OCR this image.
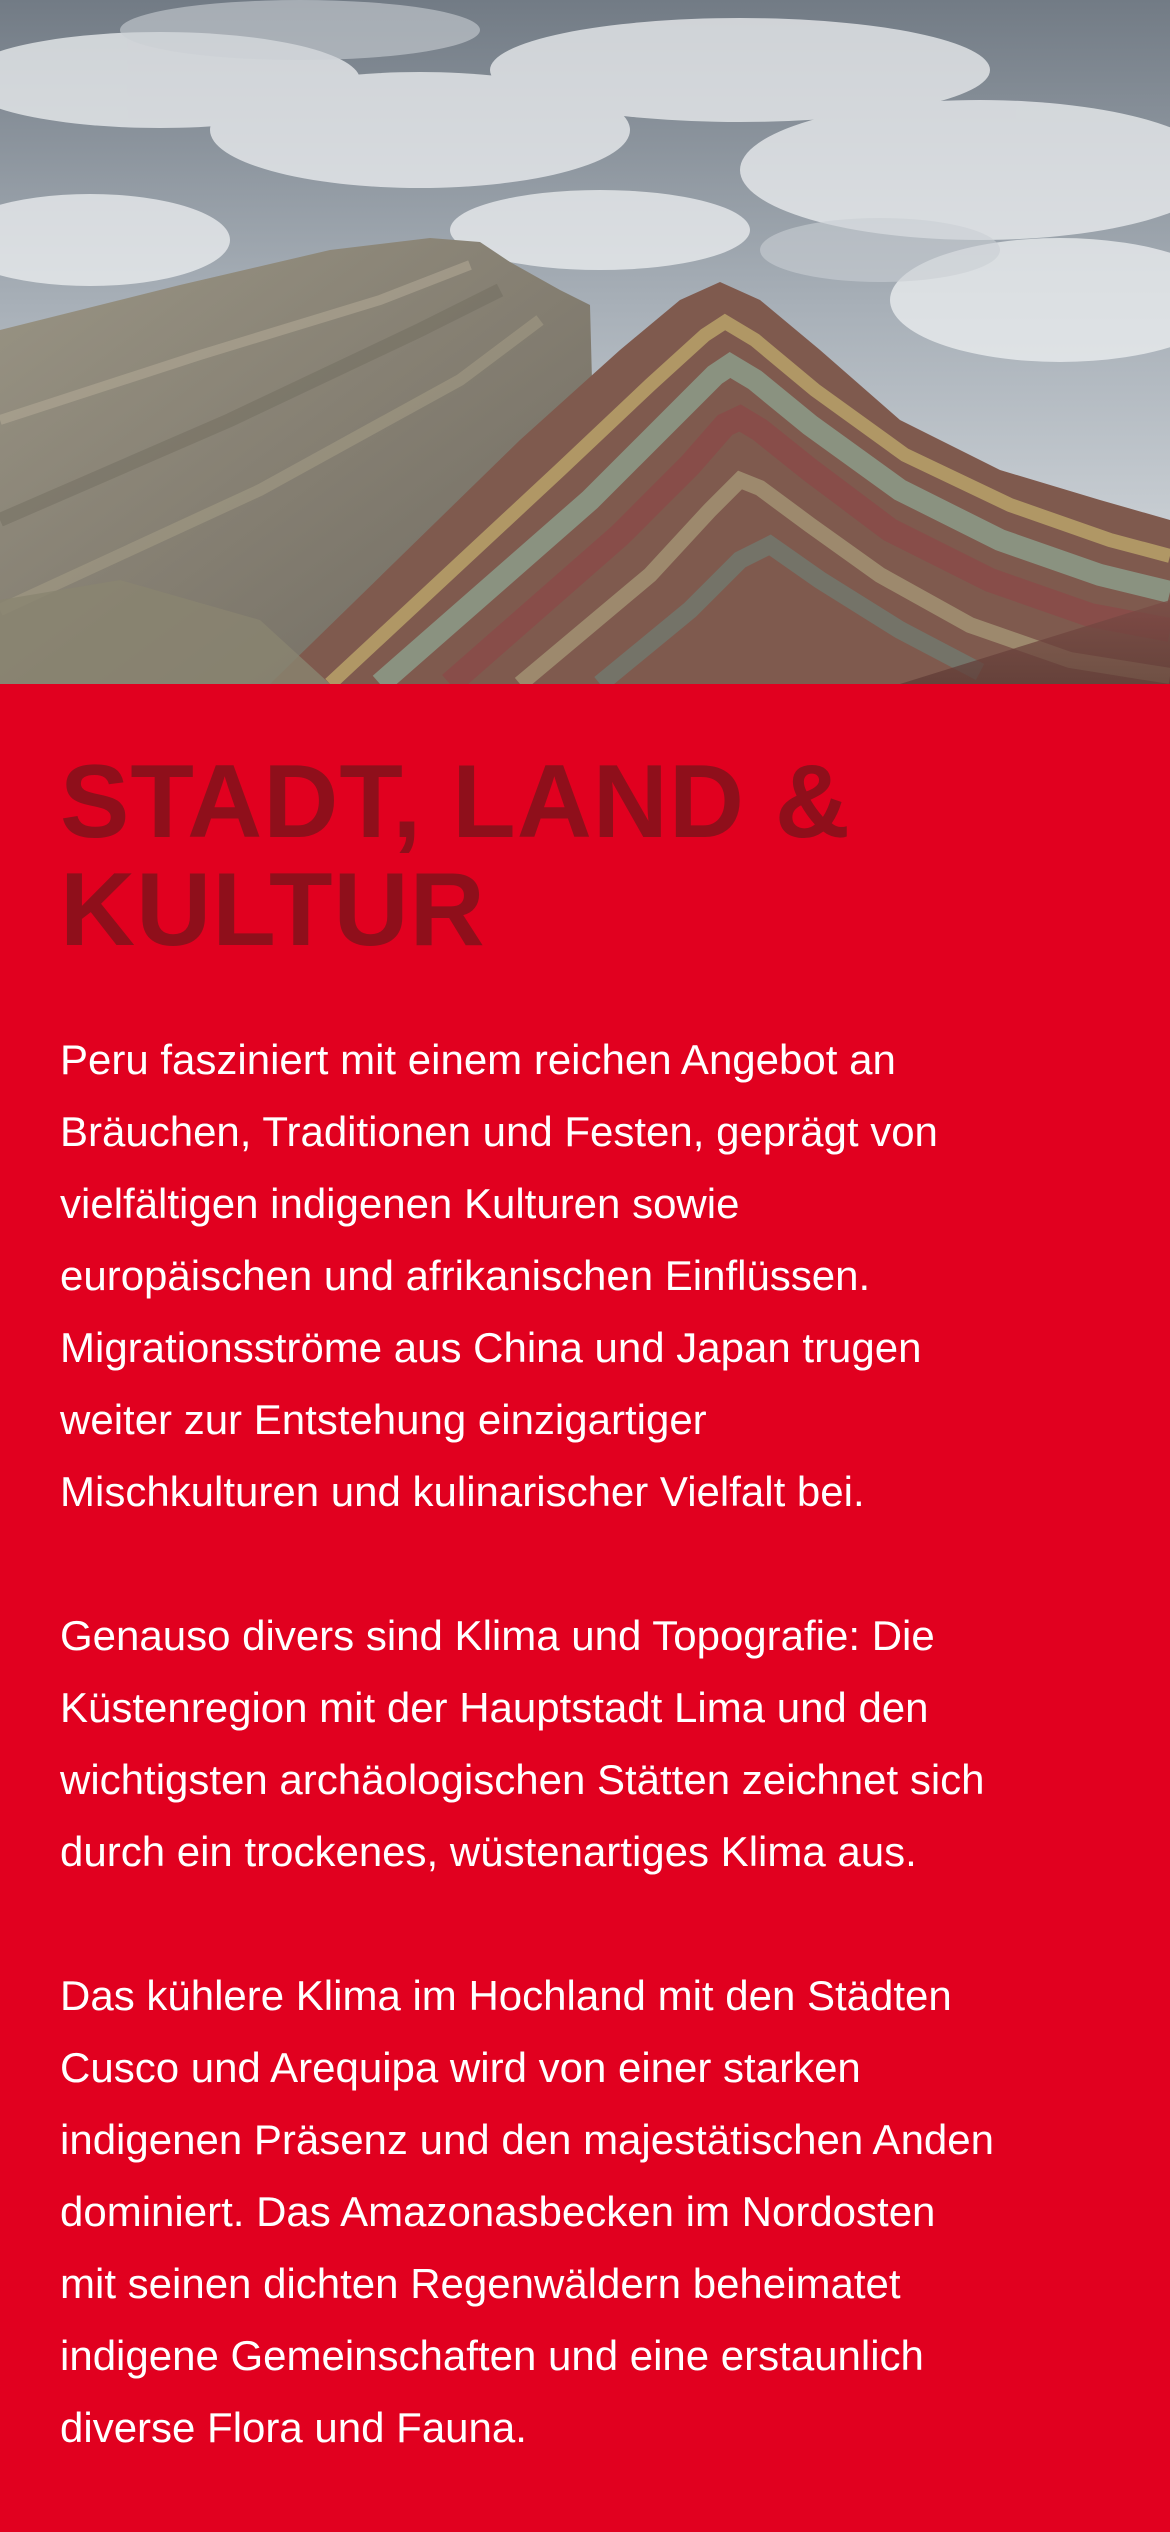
STADT, LAND &
KULTUR

Peru fasziniert mit einem reichen Angebot an
Bräuchen, Traditionen und Festen, geprägt von
vielfältigen indigenen Kulturen sowie
europäischen und afrikanischen Einflüssen.
Migrationsströme aus China und Japan trugen
weiter zur Entstehung einzigartiger
Mischkulturen und kulinarischer Vielfalt bei.

Genauso divers sind Klima und Topografie: Die
Küstenregion mit der Hauptstadt Lima und den
wichtigsten archäologischen Stätten zeichnet sich
durch ein trockenes, wüstenartiges Klima aus.

Das kühlere Klima im Hochland mit den Städten
Cusco und Arequipa wird von einer starken
indigenen Präsenz und den majestätischen Anden
dominiert. Das Amazonasbecken im Nordosten
mit seinen dichten Regenwäldern beheimatet
indigene Gemeinschaften und eine erstaunlich
diverse Flora und Fauna.
